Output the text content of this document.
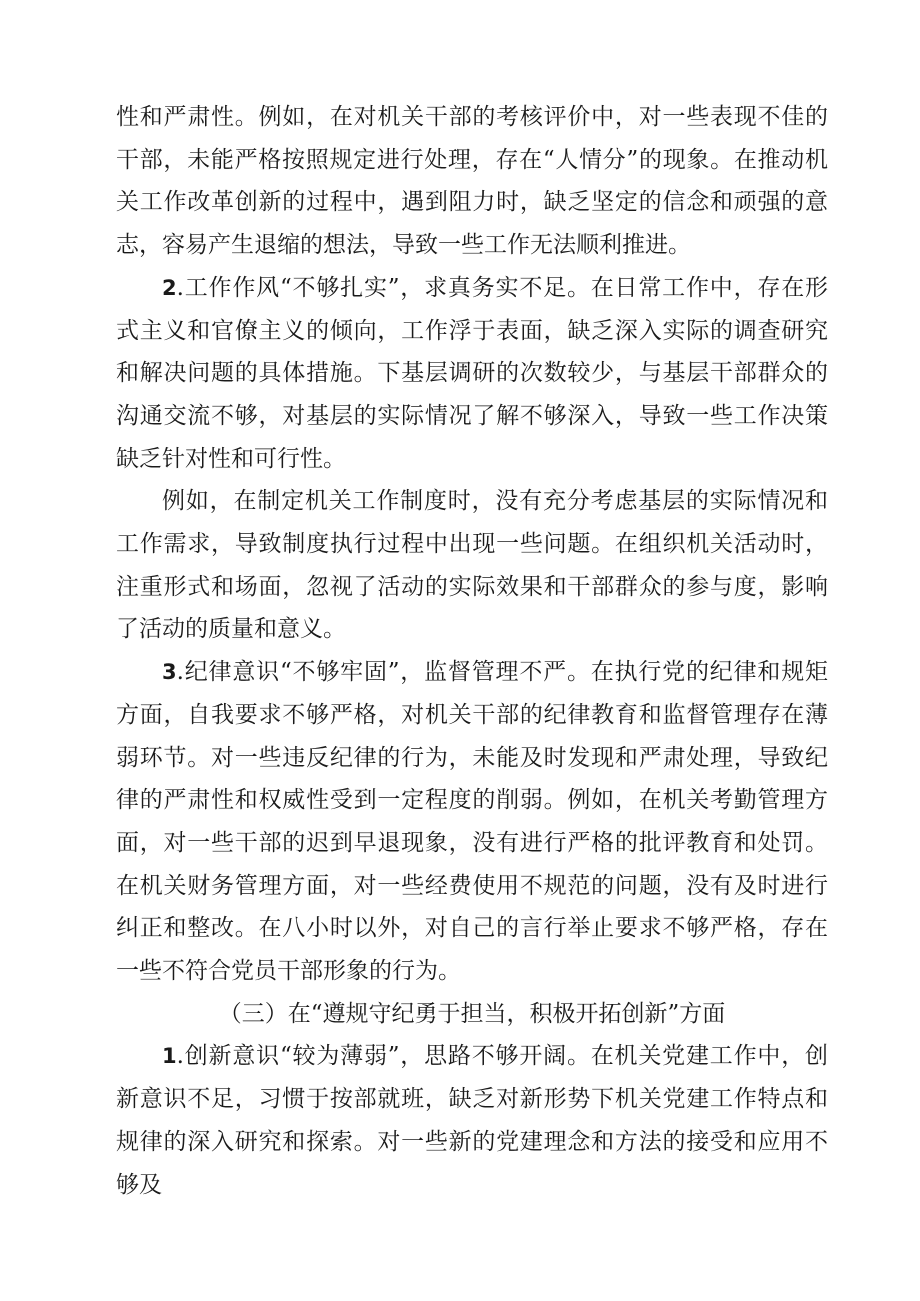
性和严肃性。例如，在对机关干部的考核评价中，对一些表现不佳的干部，未能严格按照规定进行处理，存在“人情分”的现象。在推动机关工作改革创新的过程中，遇到阻力时，缺乏坚定的信念和顽强的意志，容易产生退缩的想法，导致一些工作无法顺利推进。

2.工作作风“不够扎实”，求真务实不足。在日常工作中，存在形式主义和官僚主义的倾向，工作浮于表面，缺乏深入实际的调查研究和解决问题的具体措施。下基层调研的次数较少，与基层干部群众的沟通交流不够，对基层的实际情况了解不够深入，导致一些工作决策缺乏针对性和可行性。

例如，在制定机关工作制度时，没有充分考虑基层的实际情况和工作需求，导致制度执行过程中出现一些问题。在组织机关活动时，注重形式和场面，忽视了活动的实际效果和干部群众的参与度，影响了活动的质量和意义。

3.纪律意识“不够牢固”，监督管理不严。在执行党的纪律和规矩方面，自我要求不够严格，对机关干部的纪律教育和监督管理存在薄弱环节。对一些违反纪律的行为，未能及时发现和严肃处理，导致纪律的严肃性和权威性受到一定程度的削弱。例如，在机关考勤管理方面，对一些干部的迟到早退现象，没有进行严格的批评教育和处罚。在机关财务管理方面，对一些经费使用不规范的问题，没有及时进行纠正和整改。在八小时以外，对自己的言行举止要求不够严格，存在一些不符合党员干部形象的行为。

（三）在“遵规守纪勇于担当，积极开拓创新”方面

1.创新意识“较为薄弱”，思路不够开阔。在机关党建工作中，创新意识不足，习惯于按部就班，缺乏对新形势下机关党建工作特点和规律的深入研究和探索。对一些新的党建理念和方法的接受和应用不够及
